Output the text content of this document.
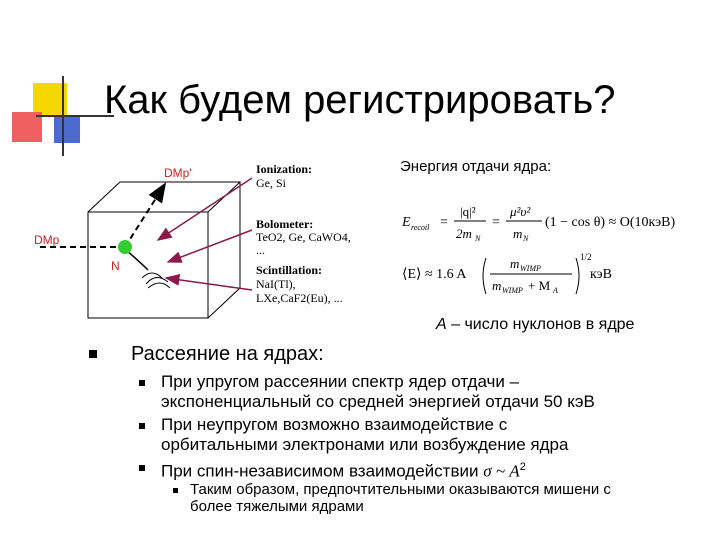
Как будем регистрировать?
DMp'
DMp
N
Ionization:
Ge, Si
Bolometer:
TeO2, Ge, CaWO4,
...
Scintillation:
NaI(Tl),
LXe,CaF2(Eu), ...
Энергия отдачи ядра:
E recoil =
|q|²
2m N
=
μ²υ²
m N
(1 − cos θ) ≈ O(10кэВ)
⟨E⟩ ≈ 1.6 A
m WIMP
m WIMP + M A
1/2
кэВ
A – число нуклонов в ядре
Рассеяние на ядрах:
При упругом рассеянии спектр ядер отдачи –
экспоненциальный со средней энергией отдачи 50 кэВ
При неупругом возможно взаимодействие с
орбитальными электронами или возбуждение ядра
При спин-независимом взаимодействии σ ~ $A^2$
Таким образом, предпочтительными оказываются мишени с
более тяжелыми ядрами
